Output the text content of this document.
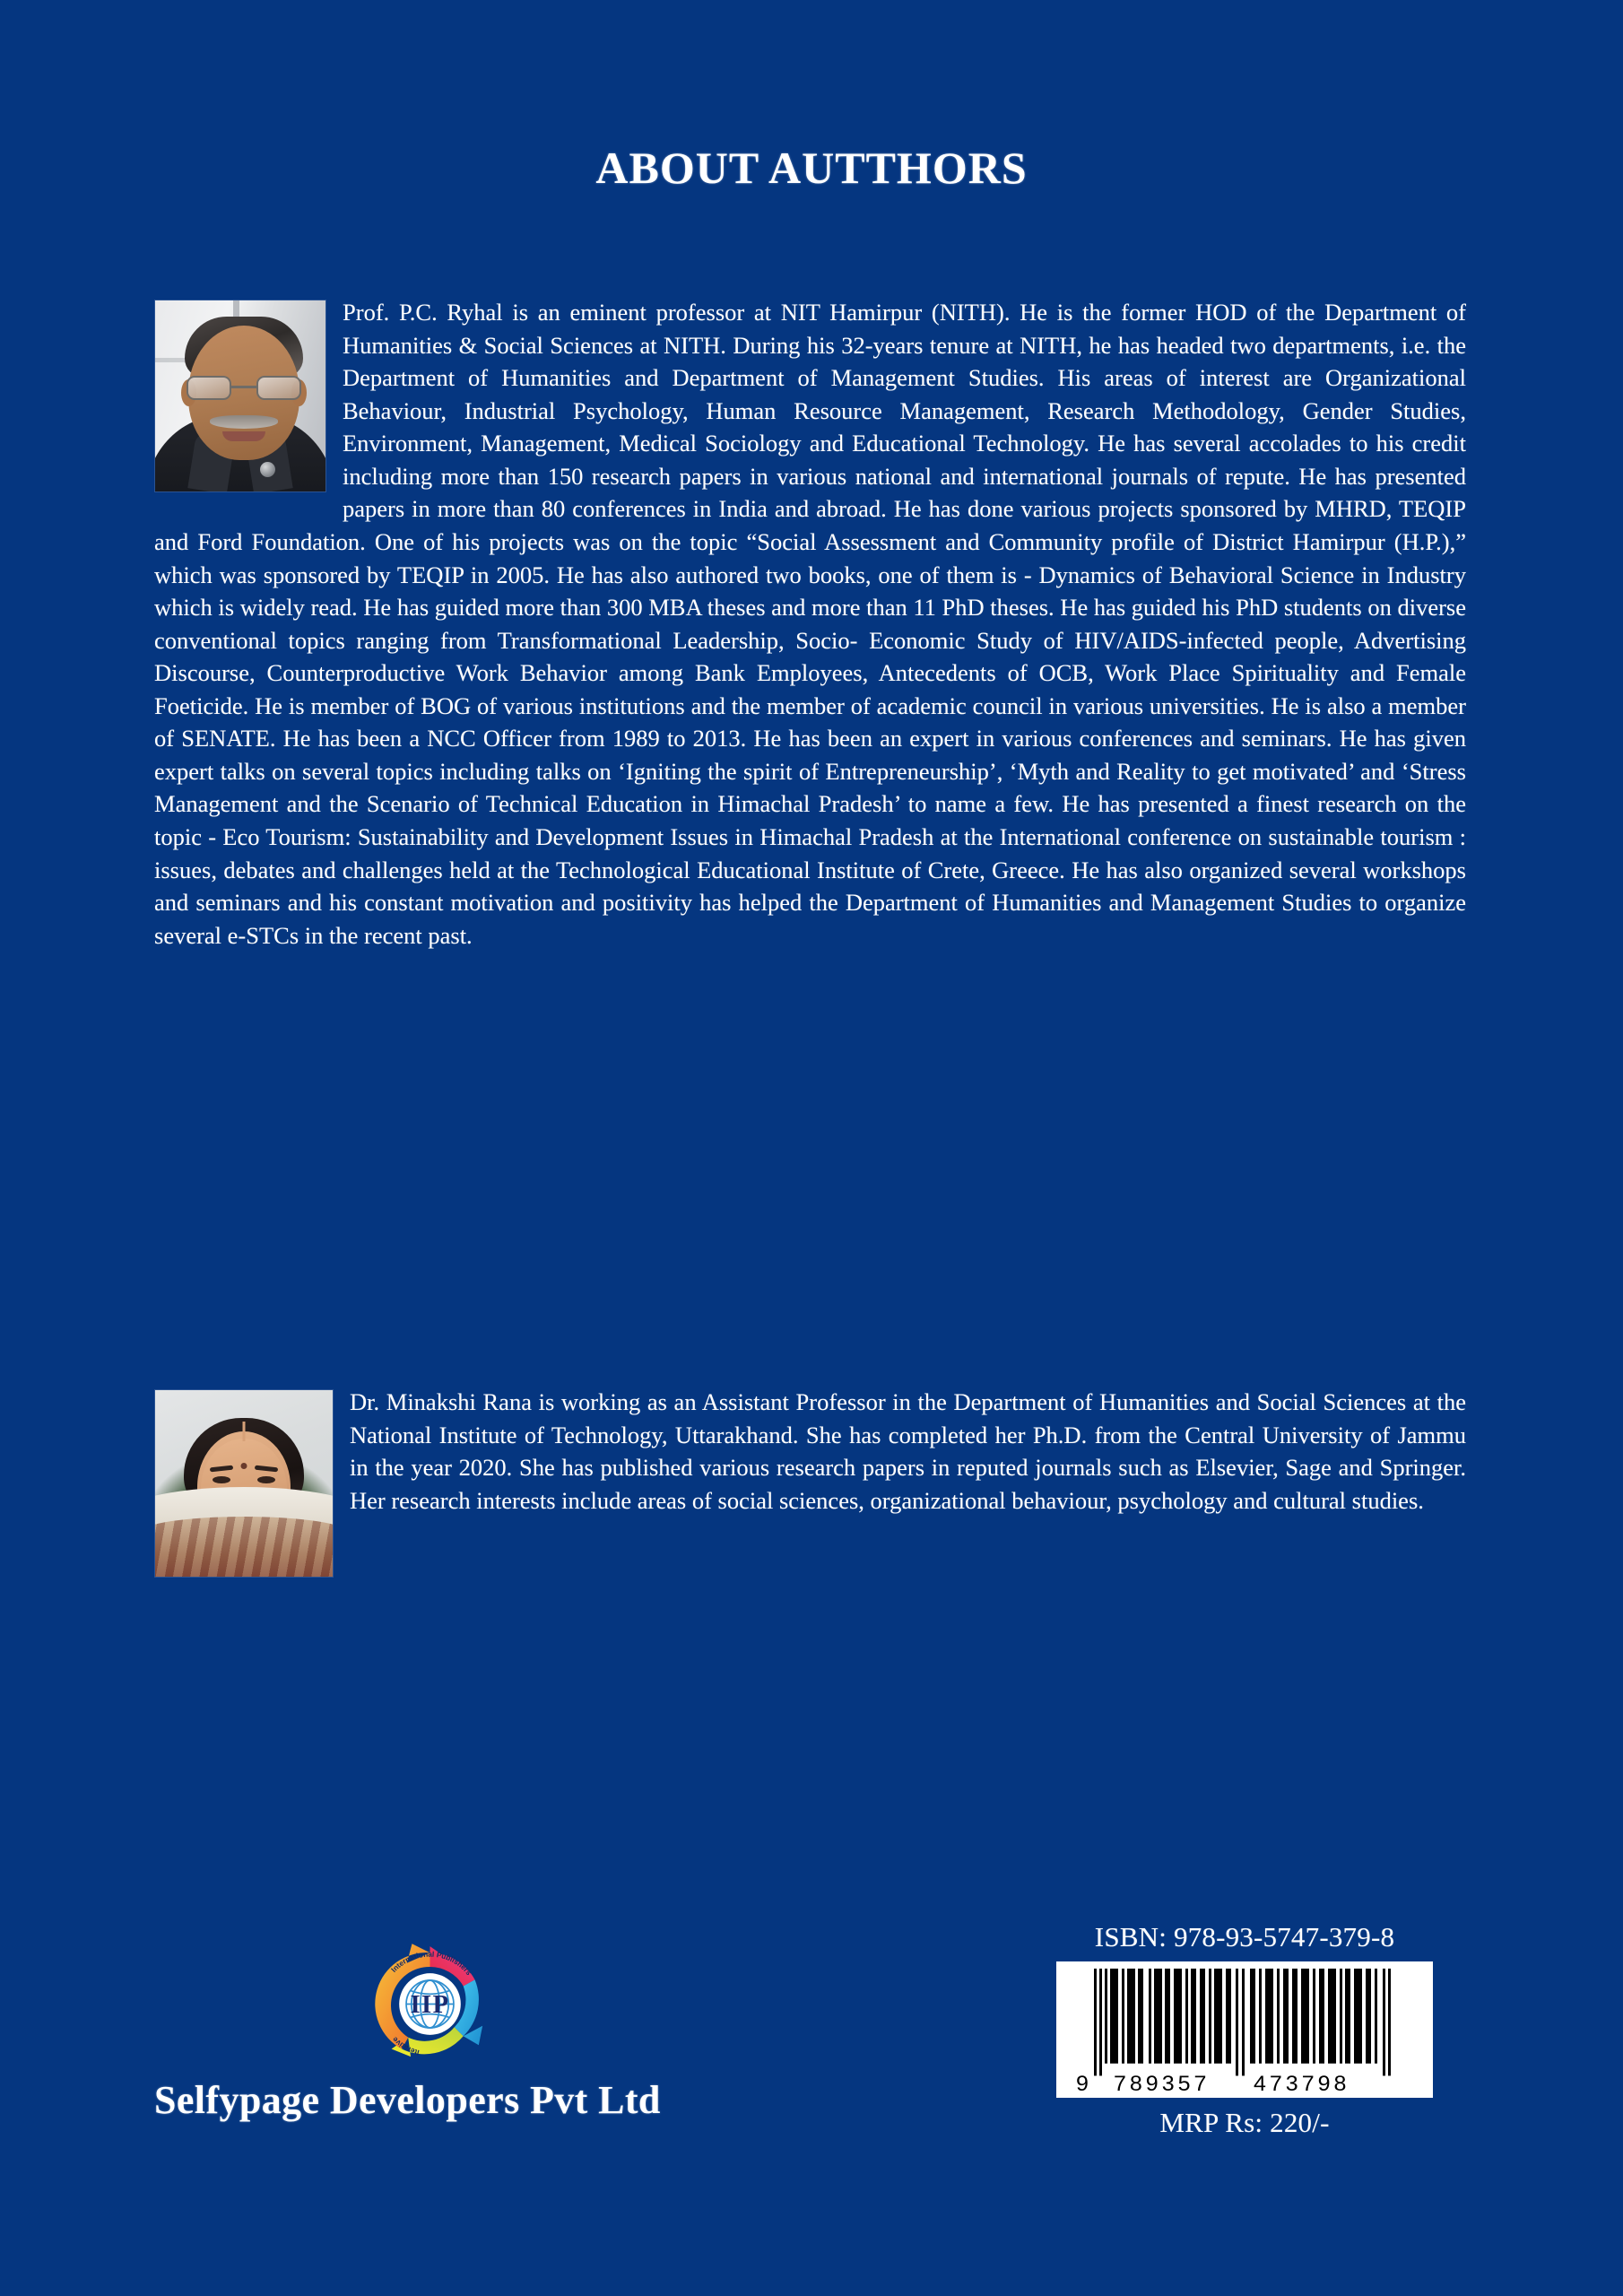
ABOUT AUTTHORS
Prof. P.C. Ryhal is an eminent professor at NIT Hamirpur (NITH). He is the former HOD of the Department of Humanities & Social Sciences at NITH. During his 32-years tenure at NITH, he has headed two departments, i.e. the Department of Humanities and Department of Management Studies. His areas of interest are Organizational Behaviour, Industrial Psychology, Human Resource Management, Research Methodology, Gender Studies, Environment, Management, Medical Sociology and Educational Technology. He has several accolades to his credit including more than 150 research papers in various national and international journals of repute. He has presented papers in more than 80 conferences in India and abroad. He has done various projects sponsored by MHRD, TEQIP and Ford Foundation. One of his projects was on the topic “Social Assessment and Community profile of District Hamirpur (H.P.),” which was sponsored by TEQIP in 2005. He has also authored two books, one of them is - Dynamics of Behavioral Science in Industry which is widely read. He has guided more than 300 MBA theses and more than 11 PhD theses. He has guided his PhD students on diverse conventional topics ranging from Transformational Leadership, Socio- Economic Study of HIV/AIDS-infected people, Advertising Discourse, Counterproductive Work Behavior among Bank Employees, Antecedents of OCB, Work Place Spirituality and Female Foeticide. He is member of BOG of various institutions and the member of academic council in various universities. He is also a member of SENATE. He has been a NCC Officer from 1989 to 2013. He has been an expert in various conferences and seminars. He has given expert talks on several topics including talks on ‘Igniting the spirit of Entrepreneurship’, ‘Myth and Reality to get motivated’ and ‘Stress Management and the Scenario of Technical Education in Himachal Pradesh’ to name a few. He has presented a finest research on the topic - Eco Tourism: Sustainability and Development Issues in Himachal Pradesh at the International conference on sustainable tourism : issues, debates and challenges held at the Technological Educational Institute of Crete, Greece. He has also organized several workshops and seminars and his constant motivation and positivity has helped the Department of Humanities and Management Studies to organize several e-STCs in the recent past.
Dr. Minakshi Rana is working as an Assistant Professor in the Department of Humanities and Social Sciences at the National Institute of Technology, Uttarakhand. She has completed her Ph.D. from the Central University of Jammu in the year 2020. She has published various research papers in reputed journals such as Elsevier, Sage and Springer. Her research interests include areas of social sciences, organizational behaviour, psychology and cultural studies.
IIP
International Publishers
Iterative
Selfypage Developers Pvt Ltd
ISBN: 978-93-5747-379-8
9 789357 473798
MRP Rs: 220/-
